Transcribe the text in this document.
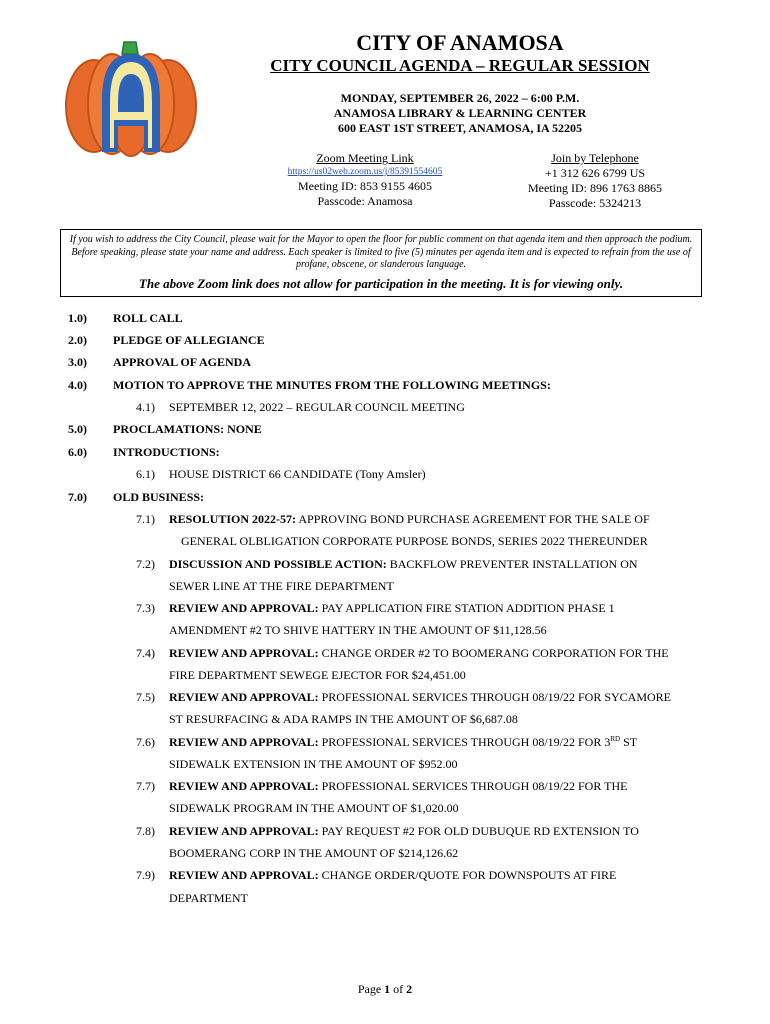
CITY OF ANAMOSA
CITY COUNCIL AGENDA – REGULAR SESSION
MONDAY, SEPTEMBER 26, 2022 – 6:00 P.M.
ANAMOSA LIBRARY & LEARNING CENTER
600 EAST 1ST STREET, ANAMOSA, IA 52205
Zoom Meeting Link
https://us02web.zoom.us/j/85391554605
Meeting ID: 853 9155 4605
Passcode: Anamosa
Join by Telephone
+1 312 626 6799 US
Meeting ID: 896 1763 8865
Passcode: 5324213
If you wish to address the City Council, please wait for the Mayor to open the floor for public comment on that agenda item and then approach the podium. Before speaking, please state your name and address. Each speaker is limited to five (5) minutes per agenda item and is expected to refrain from the use of profane, obscene, or slanderous language.
The above Zoom link does not allow for participation in the meeting. It is for viewing only.
1.0) ROLL CALL
2.0) PLEDGE OF ALLEGIANCE
3.0) APPROVAL OF AGENDA
4.0) MOTION TO APPROVE THE MINUTES FROM THE FOLLOWING MEETINGS:
4.1) SEPTEMBER 12, 2022 – REGULAR COUNCIL MEETING
5.0) PROCLAMATIONS: NONE
6.0) INTRODUCTIONS:
6.1) HOUSE DISTRICT 66 CANDIDATE (Tony Amsler)
7.0) OLD BUSINESS:
7.1) RESOLUTION 2022-57: APPROVING BOND PURCHASE AGREEMENT FOR THE SALE OF
GENERAL OLBLIGATION CORPORATE PURPOSE BONDS, SERIES 2022 THEREUNDER
7.2) DISCUSSION AND POSSIBLE ACTION: BACKFLOW PREVENTER INSTALLATION ON
SEWER LINE AT THE FIRE DEPARTMENT
7.3) REVIEW AND APPROVAL: PAY APPLICATION FIRE STATION ADDITION PHASE 1
AMENDMENT #2 TO SHIVE HATTERY IN THE AMOUNT OF $11,128.56
7.4) REVIEW AND APPROVAL: CHANGE ORDER #2 TO BOOMERANG CORPORATION FOR THE
FIRE DEPARTMENT SEWEGE EJECTOR FOR $24,451.00
7.5) REVIEW AND APPROVAL: PROFESSIONAL SERVICES THROUGH 08/19/22 FOR SYCAMORE
ST RESURFACING & ADA RAMPS IN THE AMOUNT OF $6,687.08
7.6) REVIEW AND APPROVAL: PROFESSIONAL SERVICES THROUGH 08/19/22 FOR 3RD ST
SIDEWALK EXTENSION IN THE AMOUNT OF $952.00
7.7) REVIEW AND APPROVAL: PROFESSIONAL SERVICES THROUGH 08/19/22 FOR THE
SIDEWALK PROGRAM IN THE AMOUNT OF $1,020.00
7.8) REVIEW AND APPROVAL: PAY REQUEST #2 FOR OLD DUBUQUE RD EXTENSION TO
BOOMERANG CORP IN THE AMOUNT OF $214,126.62
7.9) REVIEW AND APPROVAL: CHANGE ORDER/QUOTE FOR DOWNSPOUTS AT FIRE
DEPARTMENT
Page 1 of 2
